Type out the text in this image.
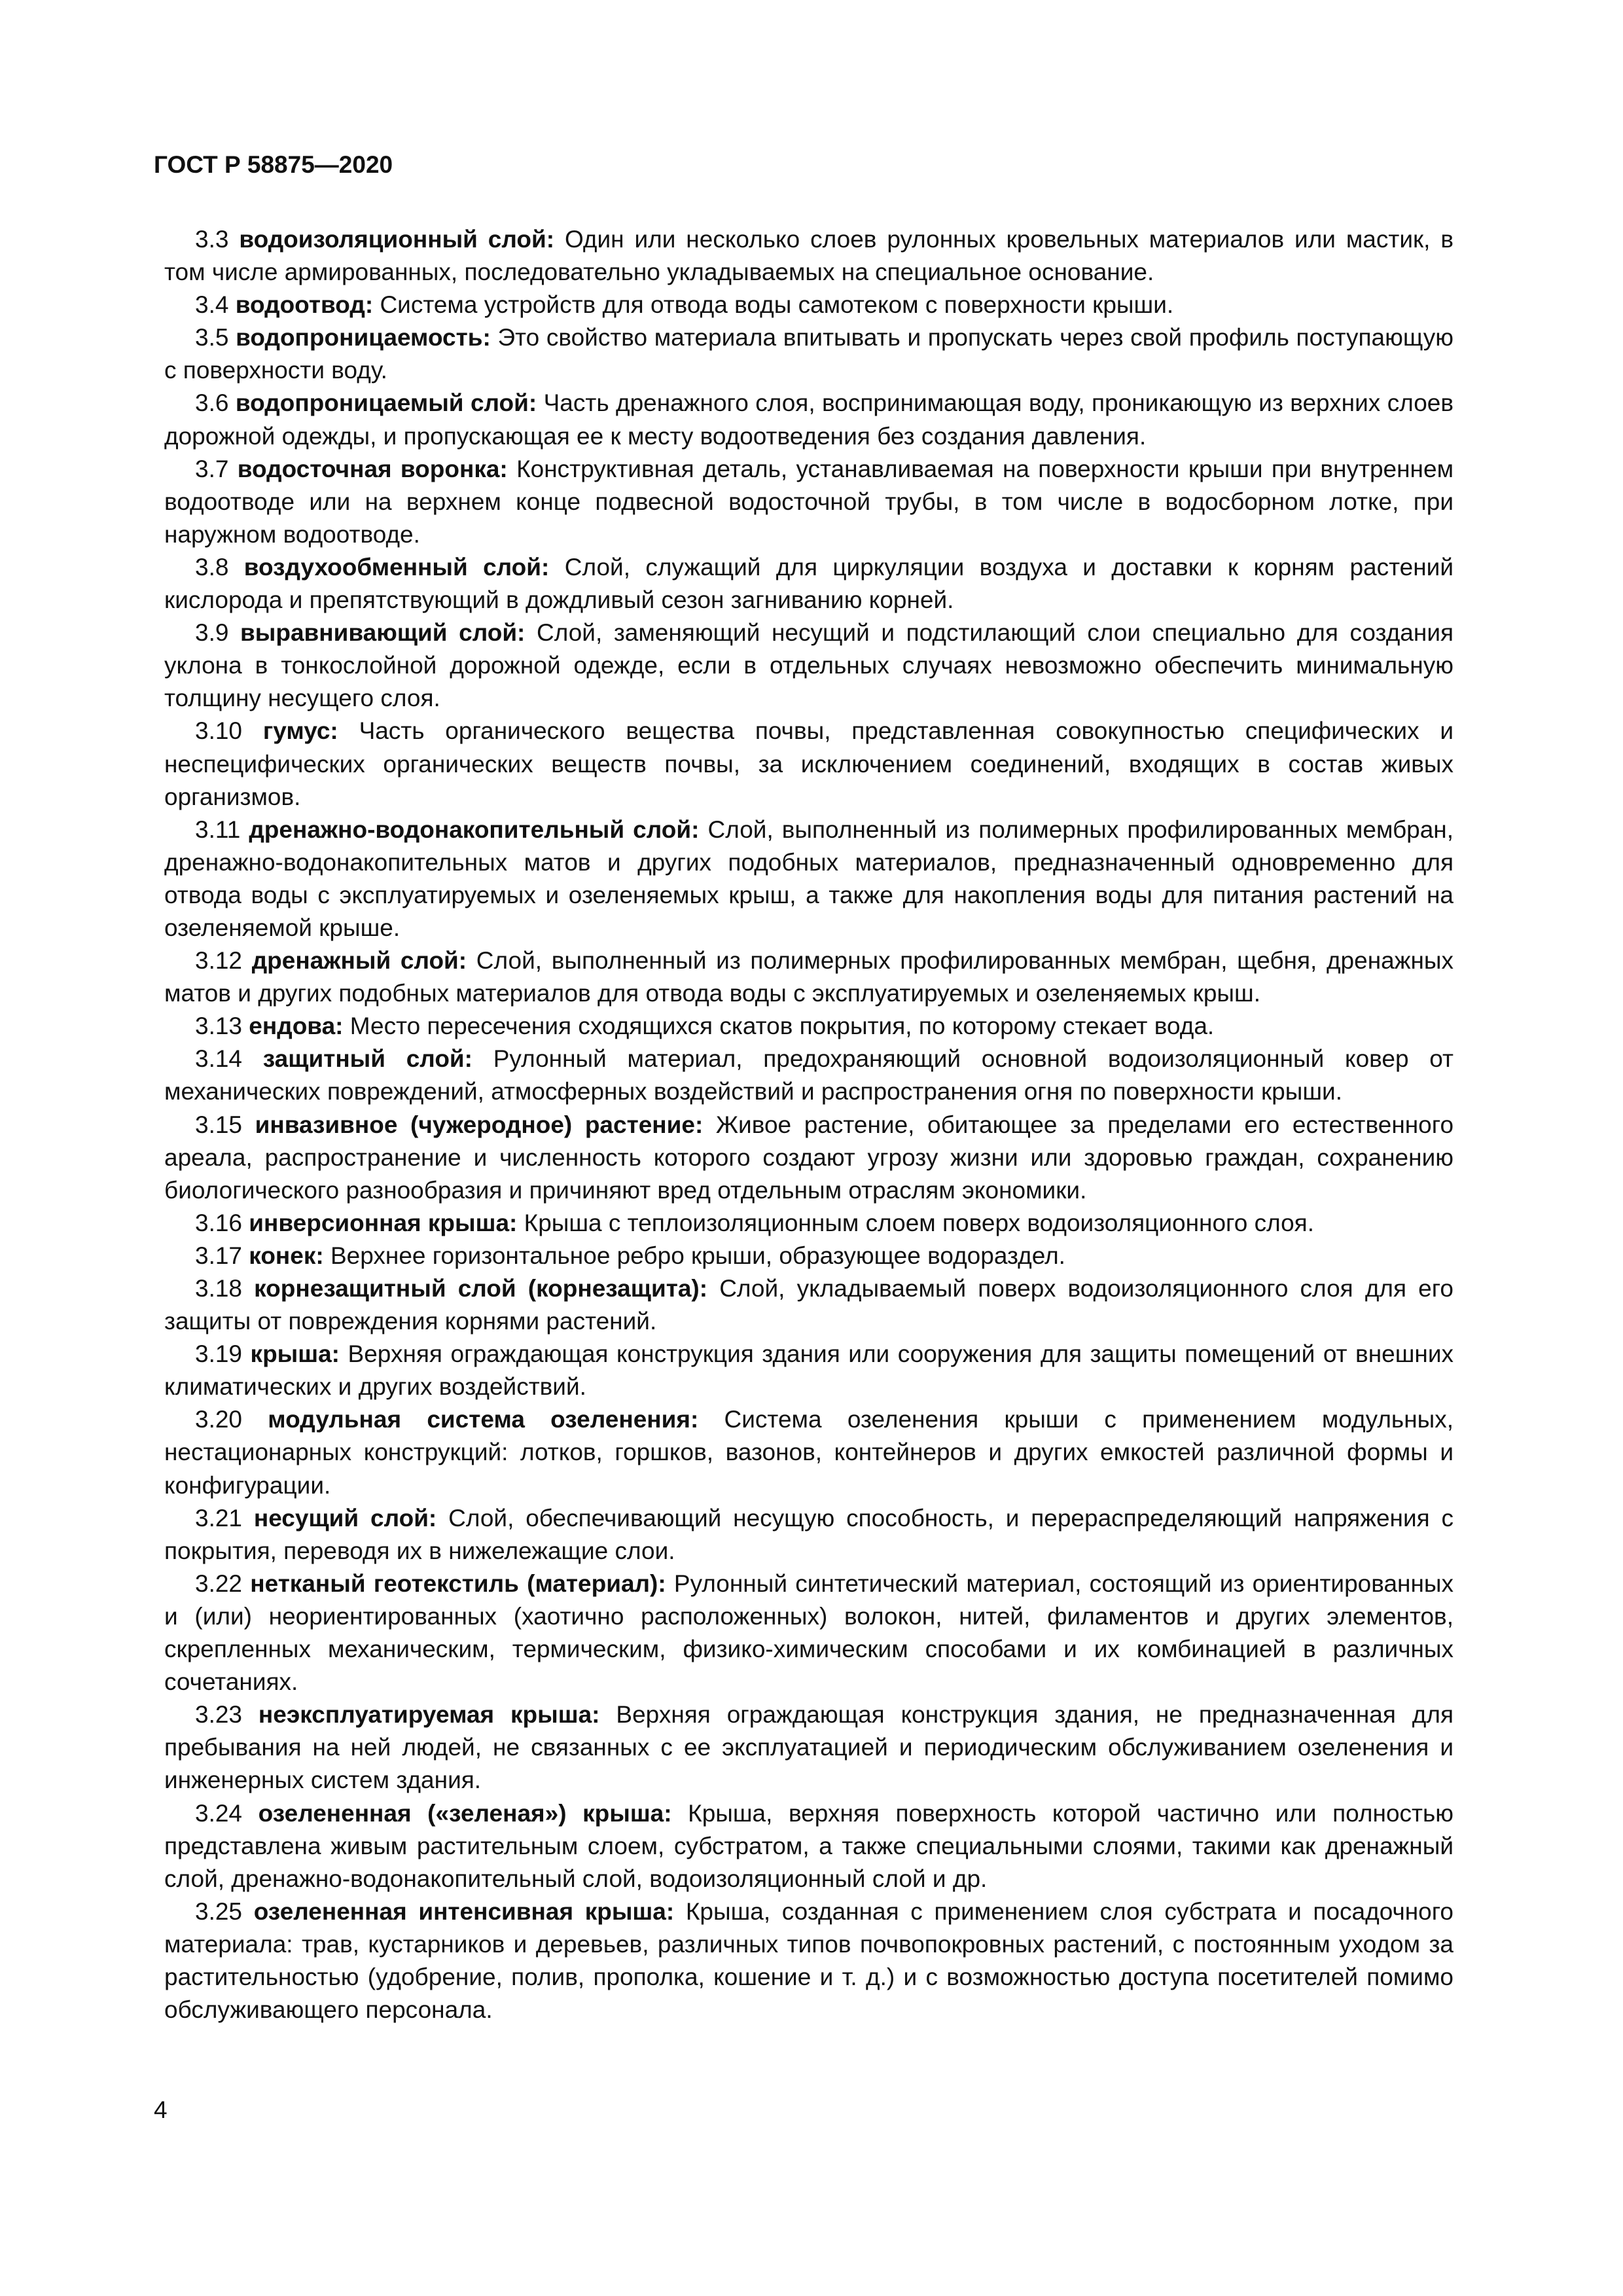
ГОСТ Р 58875—2020

3.3 водоизоляционный слой: Один или несколько слоев рулонных кровельных материалов или мастик, в том числе армированных, последовательно укладываемых на специальное основание.

3.4 водоотвод: Система устройств для отвода воды самотеком с поверхности крыши.

3.5 водопроницаемость: Это свойство материала впитывать и пропускать через свой профиль поступающую с поверхности воду.

3.6 водопроницаемый слой: Часть дренажного слоя, воспринимающая воду, проникающую из верхних слоев дорожной одежды, и пропускающая ее к месту водоотведения без создания давления.

3.7 водосточная воронка: Конструктивная деталь, устанавливаемая на поверхности крыши при внутреннем водоотводе или на верхнем конце подвесной водосточной трубы, в том числе в водосборном лотке, при наружном водоотводе.

3.8 воздухообменный слой: Слой, служащий для циркуляции воздуха и доставки к корням растений кислорода и препятствующий в дождливый сезон загниванию корней.

3.9 выравнивающий слой: Слой, заменяющий несущий и подстилающий слои специально для создания уклона в тонкослойной дорожной одежде, если в отдельных случаях невозможно обеспечить минимальную толщину несущего слоя.

3.10 гумус: Часть органического вещества почвы, представленная совокупностью специфических и неспецифических органических веществ почвы, за исключением соединений, входящих в состав живых организмов.

3.11 дренажно-водонакопительный слой: Слой, выполненный из полимерных профилированных мембран, дренажно-водонакопительных матов и других подобных материалов, предназначенный одновременно для отвода воды с эксплуатируемых и озеленяемых крыш, а также для накопления воды для питания растений на озеленяемой крыше.

3.12 дренажный слой: Слой, выполненный из полимерных профилированных мембран, щебня, дренажных матов и других подобных материалов для отвода воды с эксплуатируемых и озеленяемых крыш.

3.13 ендова: Место пересечения сходящихся скатов покрытия, по которому стекает вода.

3.14 защитный слой: Рулонный материал, предохраняющий основной водоизоляционный ковер от механических повреждений, атмосферных воздействий и распространения огня по поверхности крыши.

3.15 инвазивное (чужеродное) растение: Живое растение, обитающее за пределами его естественного ареала, распространение и численность которого создают угрозу жизни или здоровью граждан, сохранению биологического разнообразия и причиняют вред отдельным отраслям экономики.

3.16 инверсионная крыша: Крыша с теплоизоляционным слоем поверх водоизоляционного слоя.

3.17 конек: Верхнее горизонтальное ребро крыши, образующее водораздел.

3.18 корнезащитный слой (корнезащита): Слой, укладываемый поверх водоизоляционного слоя для его защиты от повреждения корнями растений.

3.19 крыша: Верхняя ограждающая конструкция здания или сооружения для защиты помещений от внешних климатических и других воздействий.

3.20 модульная система озеленения: Система озеленения крыши с применением модульных, нестационарных конструкций: лотков, горшков, вазонов, контейнеров и других емкостей различной формы и конфигурации.

3.21 несущий слой: Слой, обеспечивающий несущую способность, и перераспределяющий напряжения с покрытия, переводя их в нижележащие слои.

3.22 нетканый геотекстиль (материал): Рулонный синтетический материал, состоящий из ориентированных и (или) неориентированных (хаотично расположенных) волокон, нитей, филаментов и других элементов, скрепленных механическим, термическим, физико-химическим способами и их комбинацией в различных сочетаниях.

3.23 неэксплуатируемая крыша: Верхняя ограждающая конструкция здания, не предназначенная для пребывания на ней людей, не связанных с ее эксплуатацией и периодическим обслуживанием озеленения и инженерных систем здания.

3.24 озелененная («зеленая») крыша: Крыша, верхняя поверхность которой частично или полностью представлена живым растительным слоем, субстратом, а также специальными слоями, такими как дренажный слой, дренажно-водонакопительный слой, водоизоляционный слой и др.

3.25 озелененная интенсивная крыша: Крыша, созданная с применением слоя субстрата и посадочного материала: трав, кустарников и деревьев, различных типов почвопокровных растений, с постоянным уходом за растительностью (удобрение, полив, прополка, кошение и т. д.) и с возможностью доступа посетителей помимо обслуживающего персонала.

4
